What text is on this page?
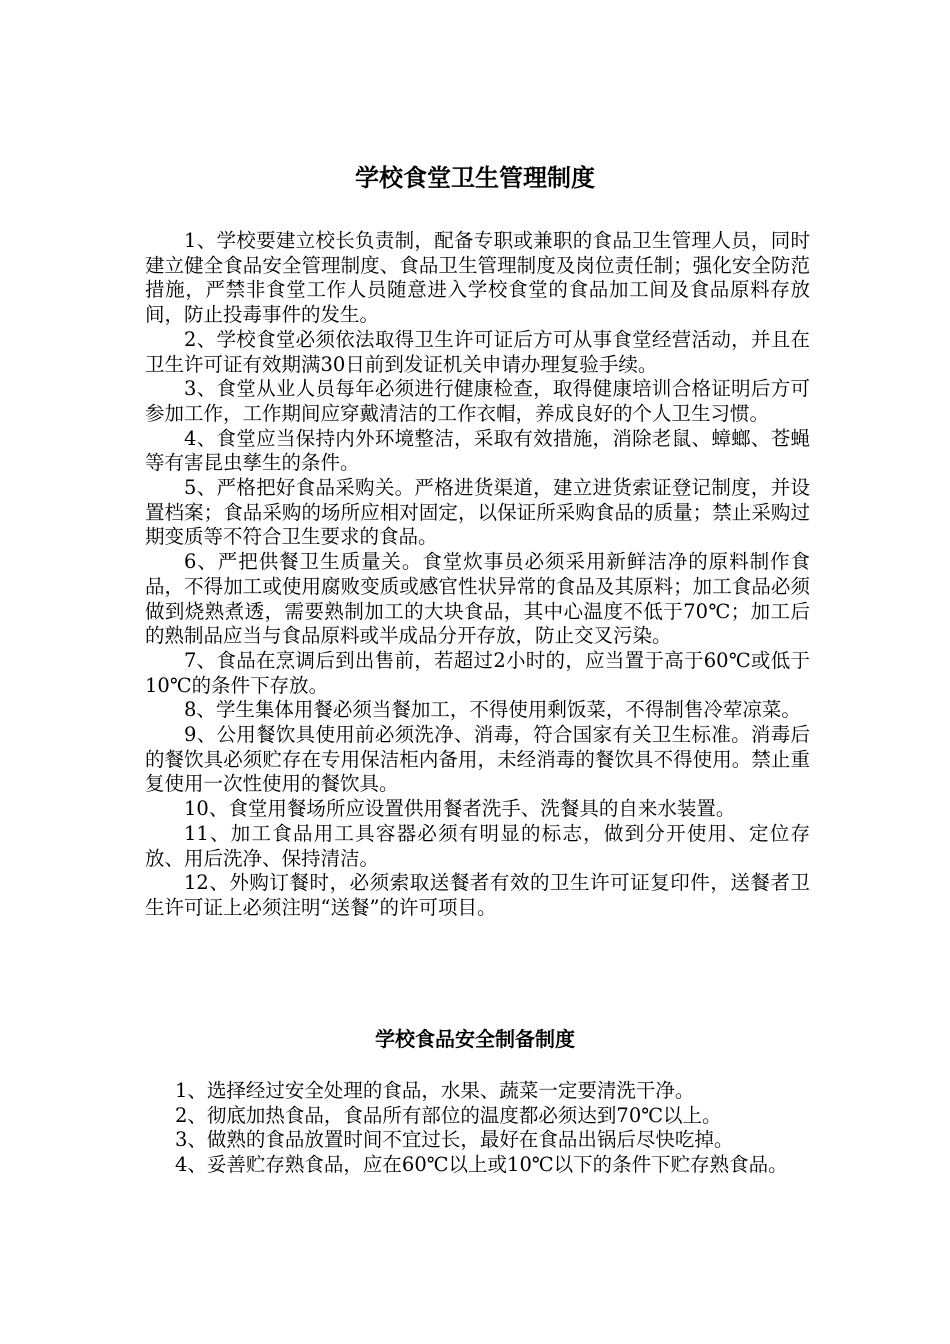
学校食堂卫生管理制度

1、学校要建立校长负责制，配备专职或兼职的食品卫生管理人员，同时建立健全食品安全管理制度、食品卫生管理制度及岗位责任制；强化安全防范措施，严禁非食堂工作人员随意进入学校食堂的食品加工间及食品原料存放间，防止投毒事件的发生。

2、学校食堂必须依法取得卫生许可证后方可从事食堂经营活动，并且在卫生许可证有效期满30日前到发证机关申请办理复验手续。

3、食堂从业人员每年必须进行健康检查，取得健康培训合格证明后方可参加工作，工作期间应穿戴清洁的工作衣帽，养成良好的个人卫生习惯。

4、食堂应当保持内外环境整洁，采取有效措施，消除老鼠、蟑螂、苍蝇等有害昆虫孳生的条件。

5、严格把好食品采购关。严格进货渠道，建立进货索证登记制度，并设置档案；食品采购的场所应相对固定，以保证所采购食品的质量；禁止采购过期变质等不符合卫生要求的食品。

6、严把供餐卫生质量关。食堂炊事员必须采用新鲜洁净的原料制作食品，不得加工或使用腐败变质或感官性状异常的食品及其原料；加工食品必须做到烧熟煮透，需要熟制加工的大块食品，其中心温度不低于70℃；加工后的熟制品应当与食品原料或半成品分开存放，防止交叉污染。

7、食品在烹调后到出售前，若超过2小时的，应当置于高于60℃或低于10℃的条件下存放。

8、学生集体用餐必须当餐加工，不得使用剩饭菜，不得制售冷荤凉菜。

9、公用餐饮具使用前必须洗净、消毒，符合国家有关卫生标准。消毒后的餐饮具必须贮存在专用保洁柜内备用，未经消毒的餐饮具不得使用。禁止重复使用一次性使用的餐饮具。

10、食堂用餐场所应设置供用餐者洗手、洗餐具的自来水装置。

11、加工食品用工具容器必须有明显的标志，做到分开使用、定位存放、用后洗净、保持清洁。

12、外购订餐时，必须索取送餐者有效的卫生许可证复印件，送餐者卫生许可证上必须注明“送餐”的许可项目。

学校食品安全制备制度
1、选择经过安全处理的食品，水果、蔬菜一定要清洗干净。
2、彻底加热食品，食品所有部位的温度都必须达到70℃以上。
3、做熟的食品放置时间不宜过长，最好在食品出锅后尽快吃掉。
4、妥善贮存熟食品，应在60℃以上或10℃以下的条件下贮存熟食品。
